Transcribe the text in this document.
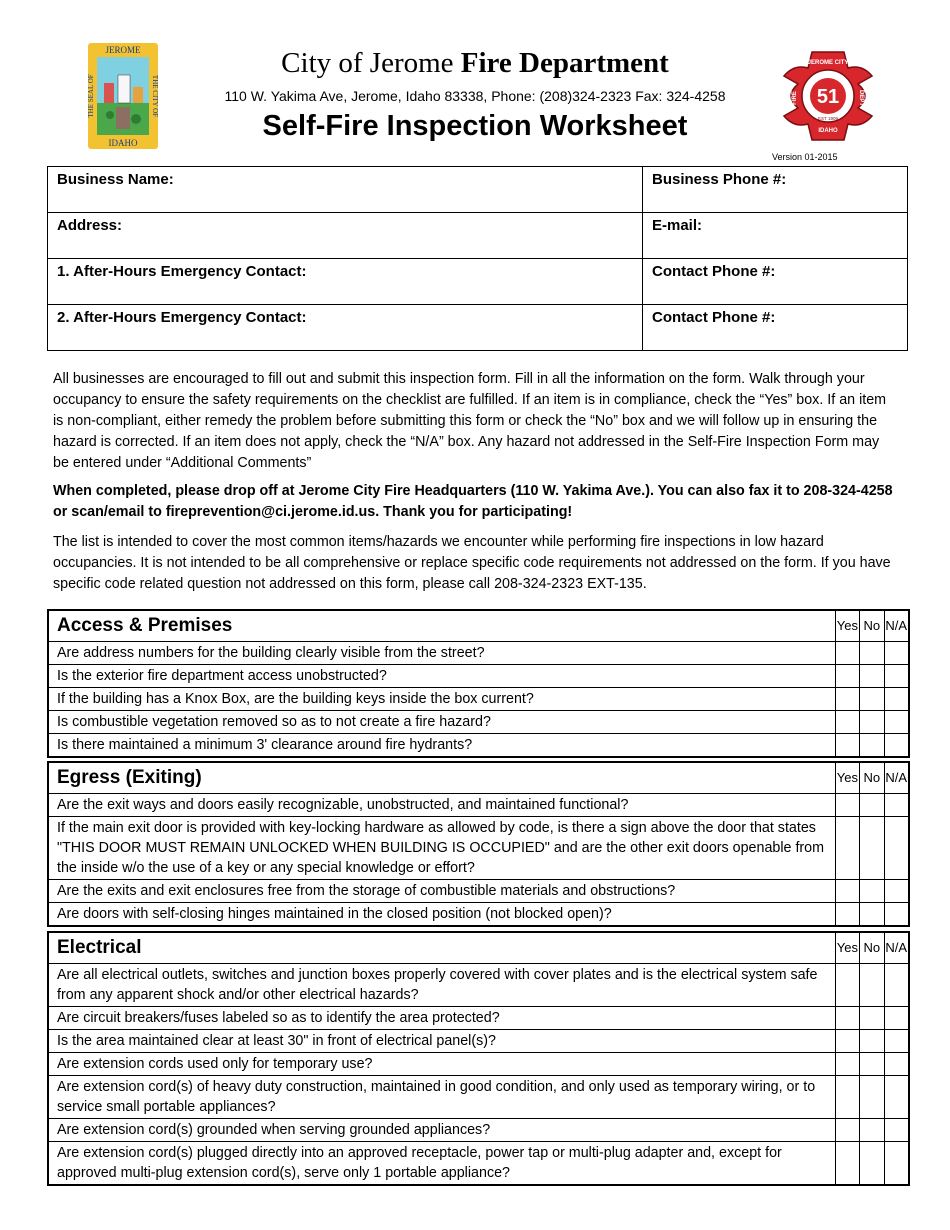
JEROME
IDAHO
THE SEAL OF	THE CITY OF	51
JEROME CITY
FIRE	DEPT
EST 1909
IDAHO
City of Jerome Fire Department
110 W. Yakima Ave, Jerome, Idaho 83338, Phone: (208)324-2323 Fax: 324-4258
Self-Fire Inspection Worksheet
Version 01-2015
Business Name:	Business Phone #:
Address:	E-mail:
1. After-Hours Emergency Contact:	Contact Phone #:
2. After-Hours Emergency Contact:	Contact Phone #:
All businesses are encouraged to fill out and submit this inspection form. Fill in all the information on the form. Walk through your occupancy to ensure the safety requirements on the checklist are fulfilled. If an item is in compliance, check the “Yes” box. If an item is non-compliant, either remedy the problem before submitting this form or check the “No” box and we will follow up in ensuring the hazard is corrected. If an item does not apply, check the “N/A” box. Any hazard not addressed in the Self-Fire Inspection Form may be entered under “Additional Comments”
When completed, please drop off at Jerome City Fire Headquarters (110 W. Yakima Ave.). You can also fax it to 208-324-4258 or scan/email to fireprevention@ci.jerome.id.us. Thank you for participating!
The list is intended to cover the most common items/hazards we encounter while performing fire inspections in low hazard occupancies. It is not intended to be all comprehensive or replace specific code requirements not addressed on the form. If you have specific code related question not addressed on this form, please call 208-324-2323 EXT-135.
Access & Premises	Yes	No	N/A
Are address numbers for the building clearly visible from the street?			
Is the exterior fire department access unobstructed?			
If the building has a Knox Box, are the building keys inside the box current?			
Is combustible vegetation removed so as to not create a fire hazard?			
Is there maintained a minimum 3' clearance around fire hydrants?			
Egress (Exiting)	Yes	No	N/A
Are the exit ways and doors easily recognizable, unobstructed, and maintained functional?			
If the main exit door is provided with key-locking hardware as allowed by code, is there a sign above the door that states "THIS DOOR MUST REMAIN UNLOCKED WHEN BUILDING IS OCCUPIED" and are the other exit doors openable from the inside w/o the use of a key or any special knowledge or effort?			
Are the exits and exit enclosures free from the storage of combustible materials and obstructions?			
Are doors with self-closing hinges maintained in the closed position (not blocked open)?			
Electrical	Yes	No	N/A
Are all electrical outlets, switches and junction boxes properly covered with cover plates and is the electrical system safe from any apparent shock and/or other electrical hazards?			
Are circuit breakers/fuses labeled so as to identify the area protected?			
Is the area maintained clear at least 30" in front of electrical panel(s)?			
Are extension cords used only for temporary use?			
Are extension cord(s) of heavy duty construction, maintained in good condition, and only used as temporary wiring, or to service small portable appliances?			
Are extension cord(s) grounded when serving grounded appliances?			
Are extension cord(s) plugged directly into an approved receptacle, power tap or multi-plug adapter and, except for approved multi-plug extension cord(s), serve only 1 portable appliance?			
